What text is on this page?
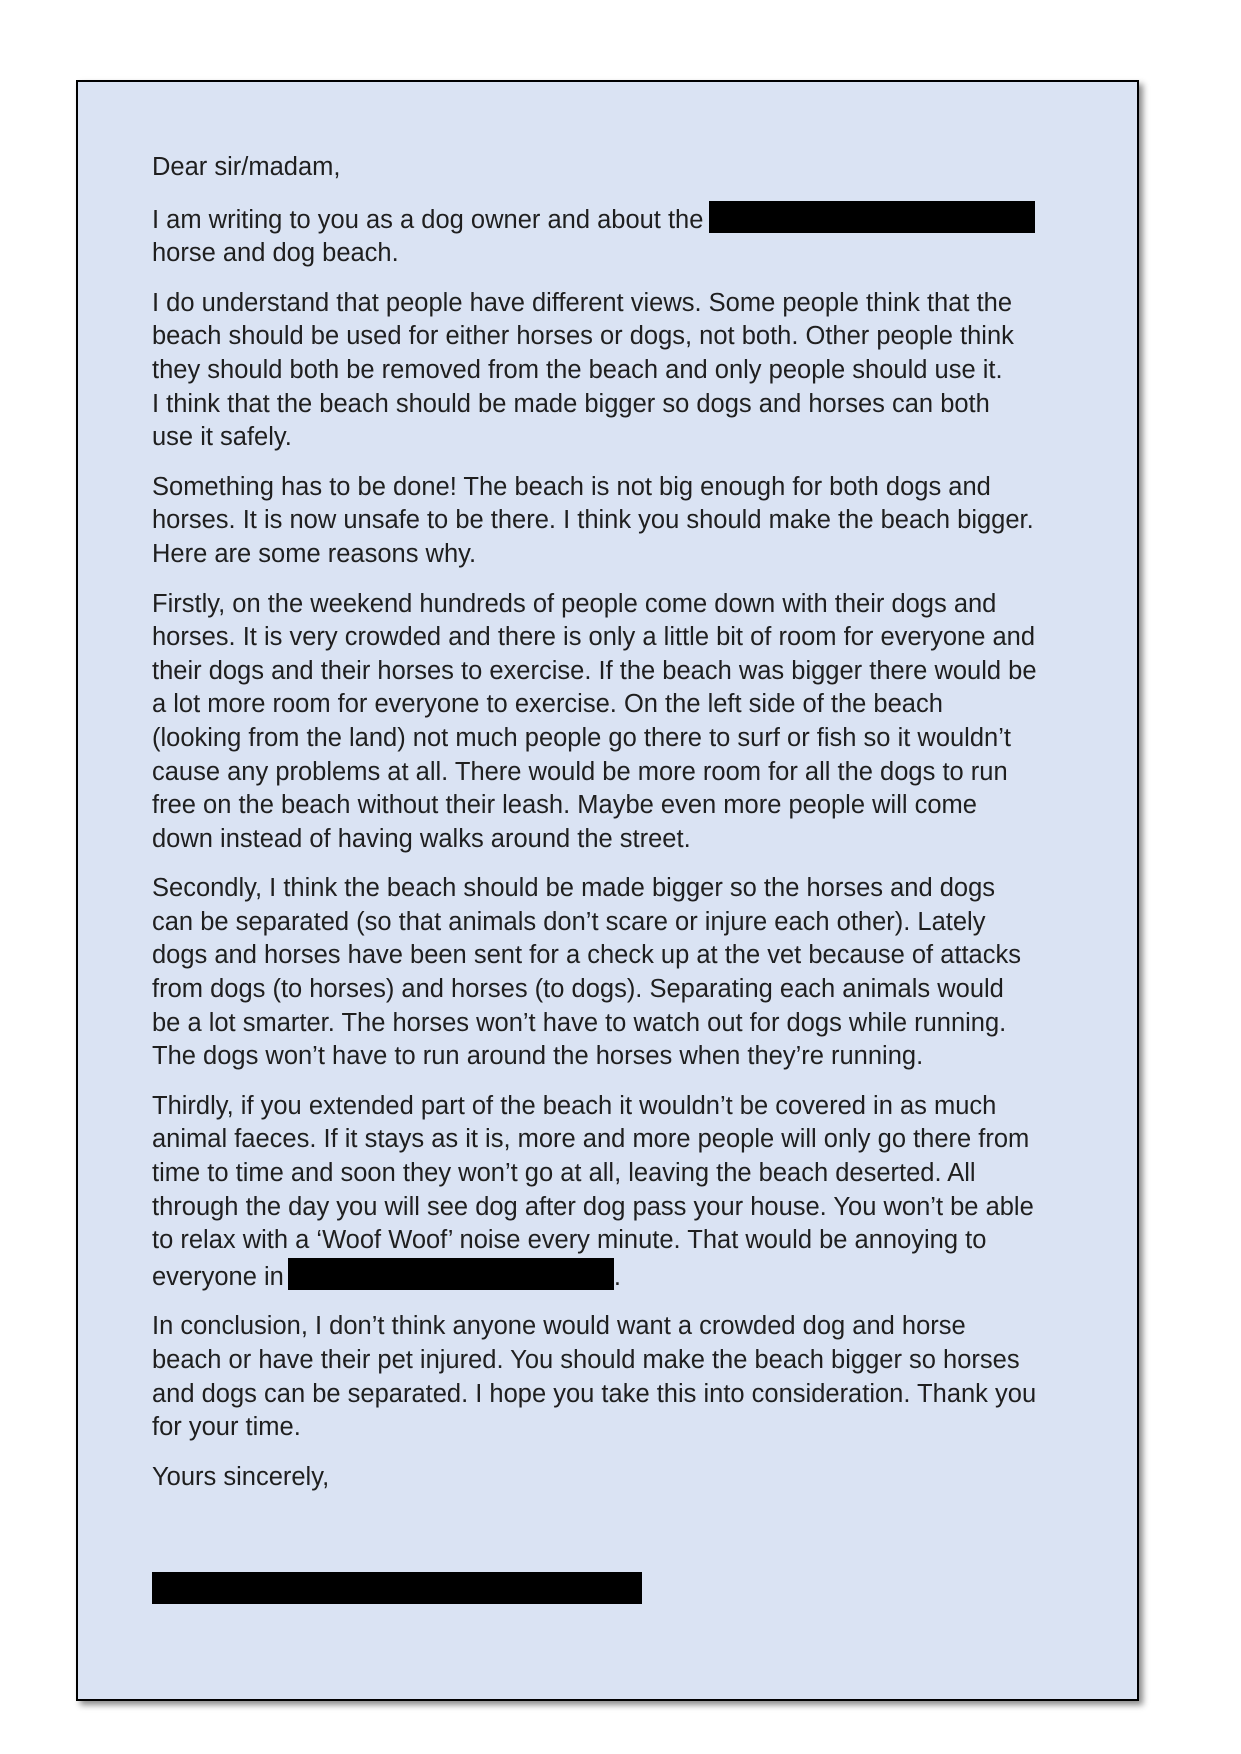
Dear sir/madam,

I am writing to you as a dog owner and about the
horse and dog beach.

I do understand that people have different views. Some people think that the
beach should be used for either horses or dogs, not both. Other people think
they should both be removed from the beach and only people should use it.
I think that the beach should be made bigger so dogs and horses can both
use it safely.

Something has to be done! The beach is not big enough for both dogs and
horses. It is now unsafe to be there. I think you should make the beach bigger.
Here are some reasons why.

Firstly, on the weekend hundreds of people come down with their dogs and
horses. It is very crowded and there is only a little bit of room for everyone and
their dogs and their horses to exercise. If the beach was bigger there would be
a lot more room for everyone to exercise. On the left side of the beach
(looking from the land) not much people go there to surf or fish so it wouldn’t
cause any problems at all. There would be more room for all the dogs to run
free on the beach without their leash. Maybe even more people will come
down instead of having walks around the street.

Secondly, I think the beach should be made bigger so the horses and dogs
can be separated (so that animals don’t scare or injure each other). Lately
dogs and horses have been sent for a check up at the vet because of attacks
from dogs (to horses) and horses (to dogs). Separating each animals would
be a lot smarter. The horses won’t have to watch out for dogs while running.
The dogs won’t have to run around the horses when they’re running.

Thirdly, if you extended part of the beach it wouldn’t be covered in as much
animal faeces. If it stays as it is, more and more people will only go there from
time to time and soon they won’t go at all, leaving the beach deserted. All
through the day you will see dog after dog pass your house. You won’t be able
to relax with a ‘Woof Woof’ noise every minute. That would be annoying to
everyone in	.

In conclusion, I don’t think anyone would want a crowded dog and horse
beach or have their pet injured. You should make the beach bigger so horses
and dogs can be separated. I hope you take this into consideration. Thank you
for your time.

Yours sincerely,
